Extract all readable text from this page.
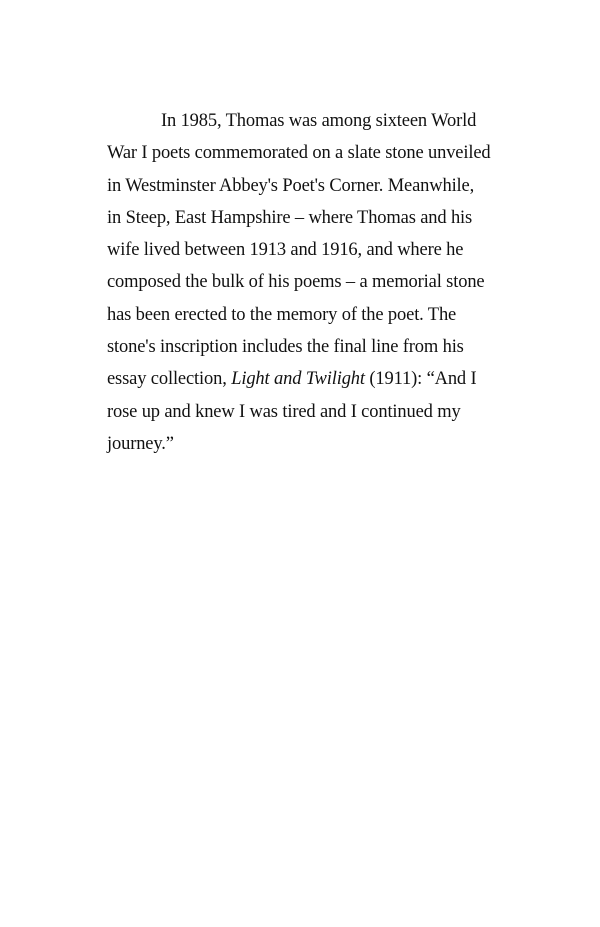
In 1985, Thomas was among sixteen World
War I poets commemorated on a slate stone unveiled
in Westminster Abbey's Poet's Corner. Meanwhile,
in Steep, East Hampshire – where Thomas and his
wife lived between 1913 and 1916, and where he
composed the bulk of his poems – a memorial stone
has been erected to the memory of the poet. The
stone's inscription includes the final line from his
essay collection, Light and Twilight (1911): “And I
rose up and knew I was tired and I continued my
journey.”
